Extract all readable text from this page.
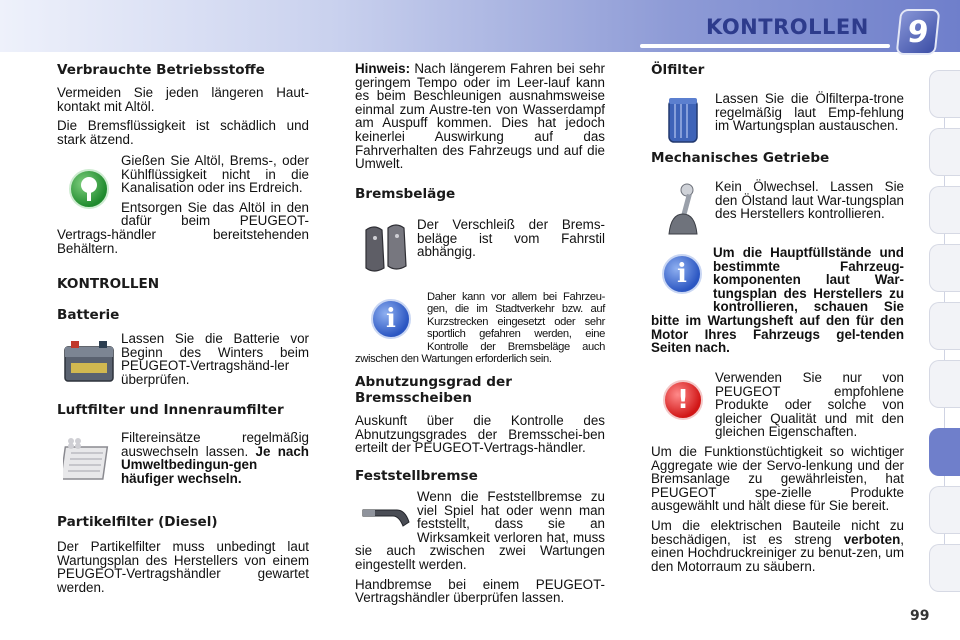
KONTROLLEN	9
Verbrauchte Betriebsstoffe
Vermeiden Sie jeden längeren Haut-kontakt mit Altöl.
Die Bremsflüssigkeit ist schädlich und stark ätzend.
Gießen Sie Altöl, Brems-, oder Kühlflüssigkeit nicht in die Kanalisation oder ins Erdreich.
Entsorgen Sie das Altöl in den dafür beim PEUGEOT-Vertrags-händler bereitstehenden Behältern.
KONTROLLEN
Batterie
Lassen Sie die Batterie vor Beginn des Winters beim PEUGEOT-Vertragshänd-ler überprüfen.
Luftfilter und Innenraumfilter
Filtereinsätze regelmäßig auswechseln lassen. Je nach Umweltbedingun-gen häufiger wechseln.
Partikelfilter (Diesel)
Der Partikelfilter muss unbedingt laut Wartungsplan des Herstellers von einem PEUGEOT-Vertragshändler gewartet werden.
Hinweis: Nach längerem Fahren bei sehr geringem Tempo oder im Leer-lauf kann es beim Beschleunigen ausnahmsweise einmal zum Austre-ten von Wasserdampf am Auspuff kommen. Dies hat jedoch keinerlei Auswirkung auf das Fahrverhalten des Fahrzeugs und auf die Umwelt.
Bremsbeläge
Der Verschleiß der Brems-beläge ist vom Fahrstil abhängig.
i
Daher kann vor allem bei Fahrzeu-gen, die im Stadtverkehr bzw. auf Kurzstrecken eingesetzt oder sehr sportlich gefahren werden, eine Kontrolle der Bremsbeläge auch zwischen den Wartungen erforderlich sein.
Abnutzungsgrad der Bremsscheiben
Auskunft über die Kontrolle des Abnutzungsgrades der Bremsschei-ben erteilt der PEUGEOT-Vertrags-händler.
Feststellbremse
Wenn die Feststellbremse zu viel Spiel hat oder wenn man feststellt, dass sie an Wirksamkeit verloren hat, muss sie auch zwischen zwei Wartungen eingestellt werden.
Handbremse bei einem PEUGEOT-Vertragshändler überprüfen lassen.
Ölfilter
Lassen Sie die Ölfilterpa-trone regelmäßig laut Emp-fehlung im Wartungsplan austauschen.
Mechanisches Getriebe
Kein Ölwechsel. Lassen Sie den Ölstand laut War-tungsplan des Herstellers kontrollieren.
i
Um die Hauptfüllstände und bestimmte Fahrzeug-komponenten laut War-tungsplan des Herstellers zu kontrollieren, schauen Sie bitte im Wartungsheft auf den für den Motor Ihres Fahrzeugs gel-tenden Seiten nach.
!
Verwenden Sie nur von PEUGEOT empfohlene Produkte oder solche von gleicher Qualität und mit den gleichen Eigenschaften.
Um die Funktionstüchtigkeit so wichtiger Aggregate wie der Servo-lenkung und der Bremsanlage zu gewährleisten, hat PEUGEOT spe-zielle Produkte ausgewählt und hält diese für Sie bereit.
Um die elektrischen Bauteile nicht zu beschädigen, ist es streng verboten, einen Hochdruckreiniger zu benut-zen, um den Motorraum zu säubern.
99
